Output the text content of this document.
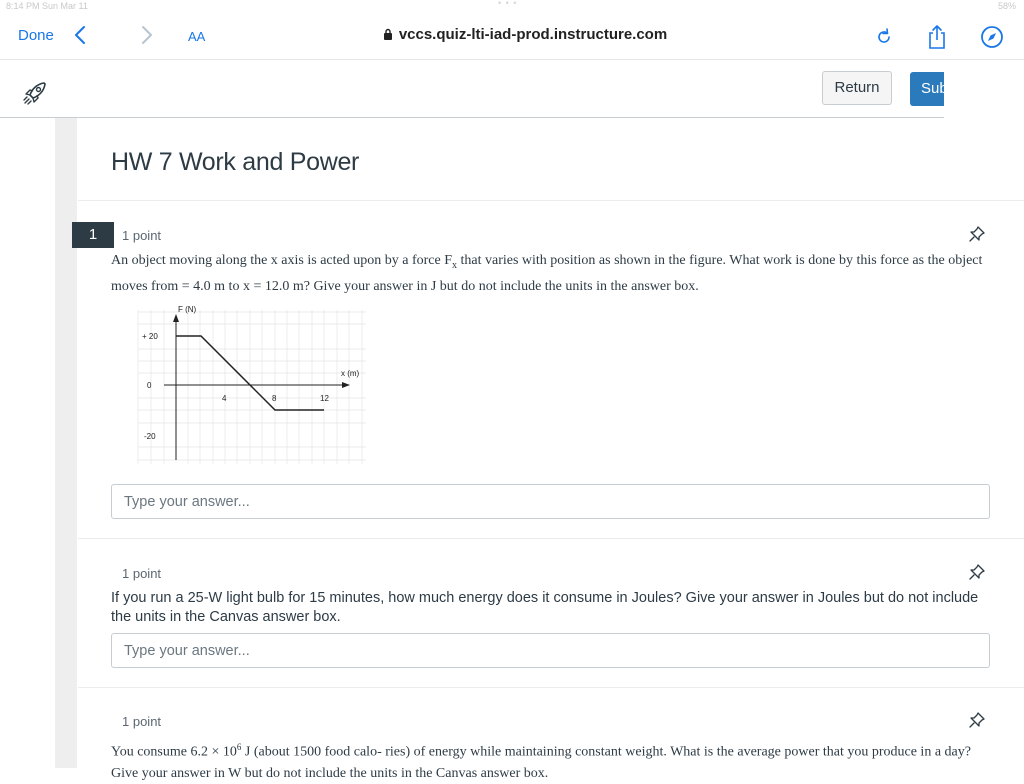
8:14 PM Sun Mar 11	• • •	58%
Done	AA	vccs.quiz-lti-iad-prod.instructure.com
Return	Submit
HW 7 Work and Power
1	1 point

An object moving along the x axis is acted upon by a force $F_x$ that varies with position as shown in the figure. What work is done by this force as the object moves from = 4.0 m to x = 12.0 m? Give your answer in J but do not include the units in the answer box.

F (N)
x (m)
+ 20
0
-20
4	8	12
Type your answer...
1 point

If you run a 25-W light bulb for 15 minutes, how much energy does it consume in Joules? Give your answer in Joules but do not include the units in the Canvas answer box.

Type your answer...
1 point

You consume $6.2 \times 10^6$ J (about 1500 food calo- ries) of energy while maintaining constant weight. What is the average power that you produce in a day? Give your answer in W but do not include the units in the Canvas answer box.
